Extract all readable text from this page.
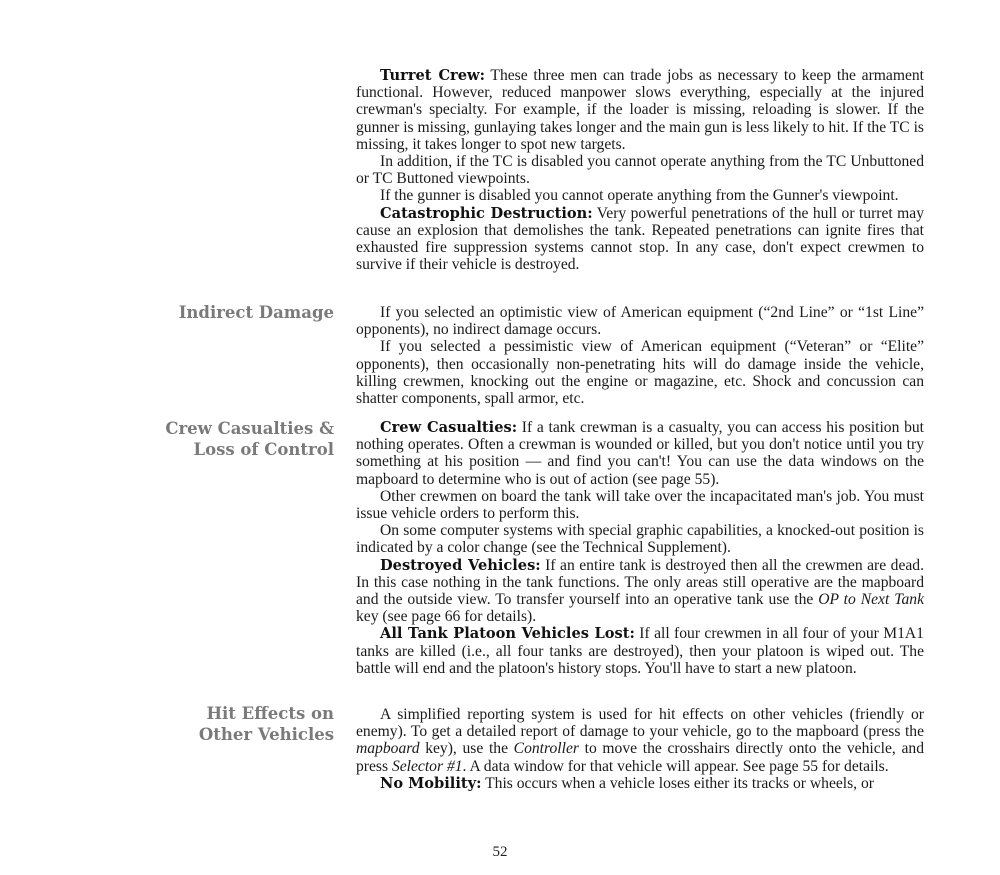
Turret Crew: These three men can trade jobs as necessary to keep the armament functional. However, reduced manpower slows everything, especially at the injured crewman's specialty. For example, if the loader is missing, reloading is slower. If the gunner is missing, gunlaying takes longer and the main gun is less likely to hit. If the TC is missing, it takes longer to spot new targets.

In addition, if the TC is disabled you cannot operate anything from the TC Unbuttoned or TC Buttoned viewpoints.

If the gunner is disabled you cannot operate anything from the Gunner's viewpoint.

Catastrophic Destruction: Very powerful penetrations of the hull or turret may cause an explosion that demolishes the tank. Repeated penetrations can ignite fires that exhausted fire suppression systems cannot stop. In any case, don't expect crewmen to survive if their vehicle is destroyed.

Indirect Damage	If you selected an optimistic view of American equipment (“2nd Line” or “1st Line” opponents), no indirect damage occurs.

If you selected a pessimistic view of American equipment (“Veteran” or “Elite” opponents), then occasionally non-penetrating hits will do damage inside the vehicle, killing crewmen, knocking out the engine or magazine, etc. Shock and concussion can shatter components, spall armor, etc.

Crew Casualties &
Loss of Control

Crew Casualties: If a tank crewman is a casualty, you can access his position but nothing operates. Often a crewman is wounded or killed, but you don't notice until you try something at his position — and find you can't! You can use the data windows on the mapboard to determine who is out of action (see page 55).

Other crewmen on board the tank will take over the incapacitated man's job. You must issue vehicle orders to perform this.

On some computer systems with special graphic capabilities, a knocked-out position is indicated by a color change (see the Technical Supplement).

Destroyed Vehicles: If an entire tank is destroyed then all the crewmen are dead. In this case nothing in the tank functions. The only areas still operative are the mapboard and the outside view. To transfer yourself into an operative tank use the OP to Next Tank key (see page 66 for details).

All Tank Platoon Vehicles Lost: If all four crewmen in all four of your M1A1 tanks are killed (i.e., all four tanks are destroyed), then your platoon is wiped out. The battle will end and the platoon's history stops. You'll have to start a new platoon.

Hit Effects on
Other Vehicles

A simplified reporting system is used for hit effects on other vehicles (friendly or enemy). To get a detailed report of damage to your vehicle, go to the mapboard (press the mapboard key), use the Controller to move the crosshairs directly onto the vehicle, and press Selector #1. A data window for that vehicle will appear. See page 55 for details.

No Mobility: This occurs when a vehicle loses either its tracks or wheels, or

52
